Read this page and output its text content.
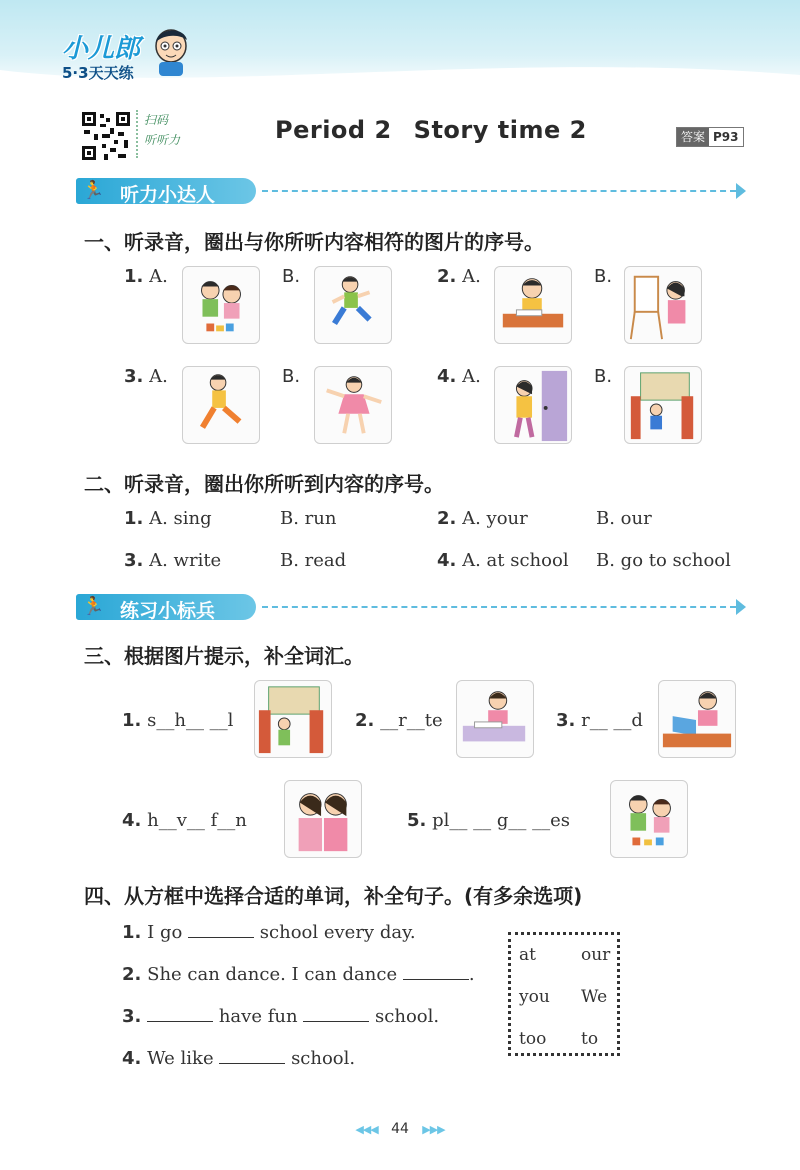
小儿郎
5·3天天练
扫码
听听力	Period 2 Story time 2	答案 P93
🏃 听力小达人
一、听录音，圈出与你所听内容相符的图片的序号。
1. A.	B.	2. A.	B.
3. A.	B.	4. A.	B.
二、听录音，圈出你所听到内容的序号。
1. A. sing	B. run	2. A. your	B. our
3. A. write	B. read	4. A. at school B. go to school
🏃 练习小标兵
三、根据图片提示，补全词汇。
1. s__h__ __l	2. __r__te	3. r__ __d
4. h__v__ f__n	5. pl__ __ g__ __es
四、从方框中选择合适的单词，补全句子。(有多余选项)
1. I go	school every day.
2. She can dance. I can dance	.
3.	have fun	school.
4. We like	school.
at	our
you We
too to
◀◀◀ 44 ▶▶▶
